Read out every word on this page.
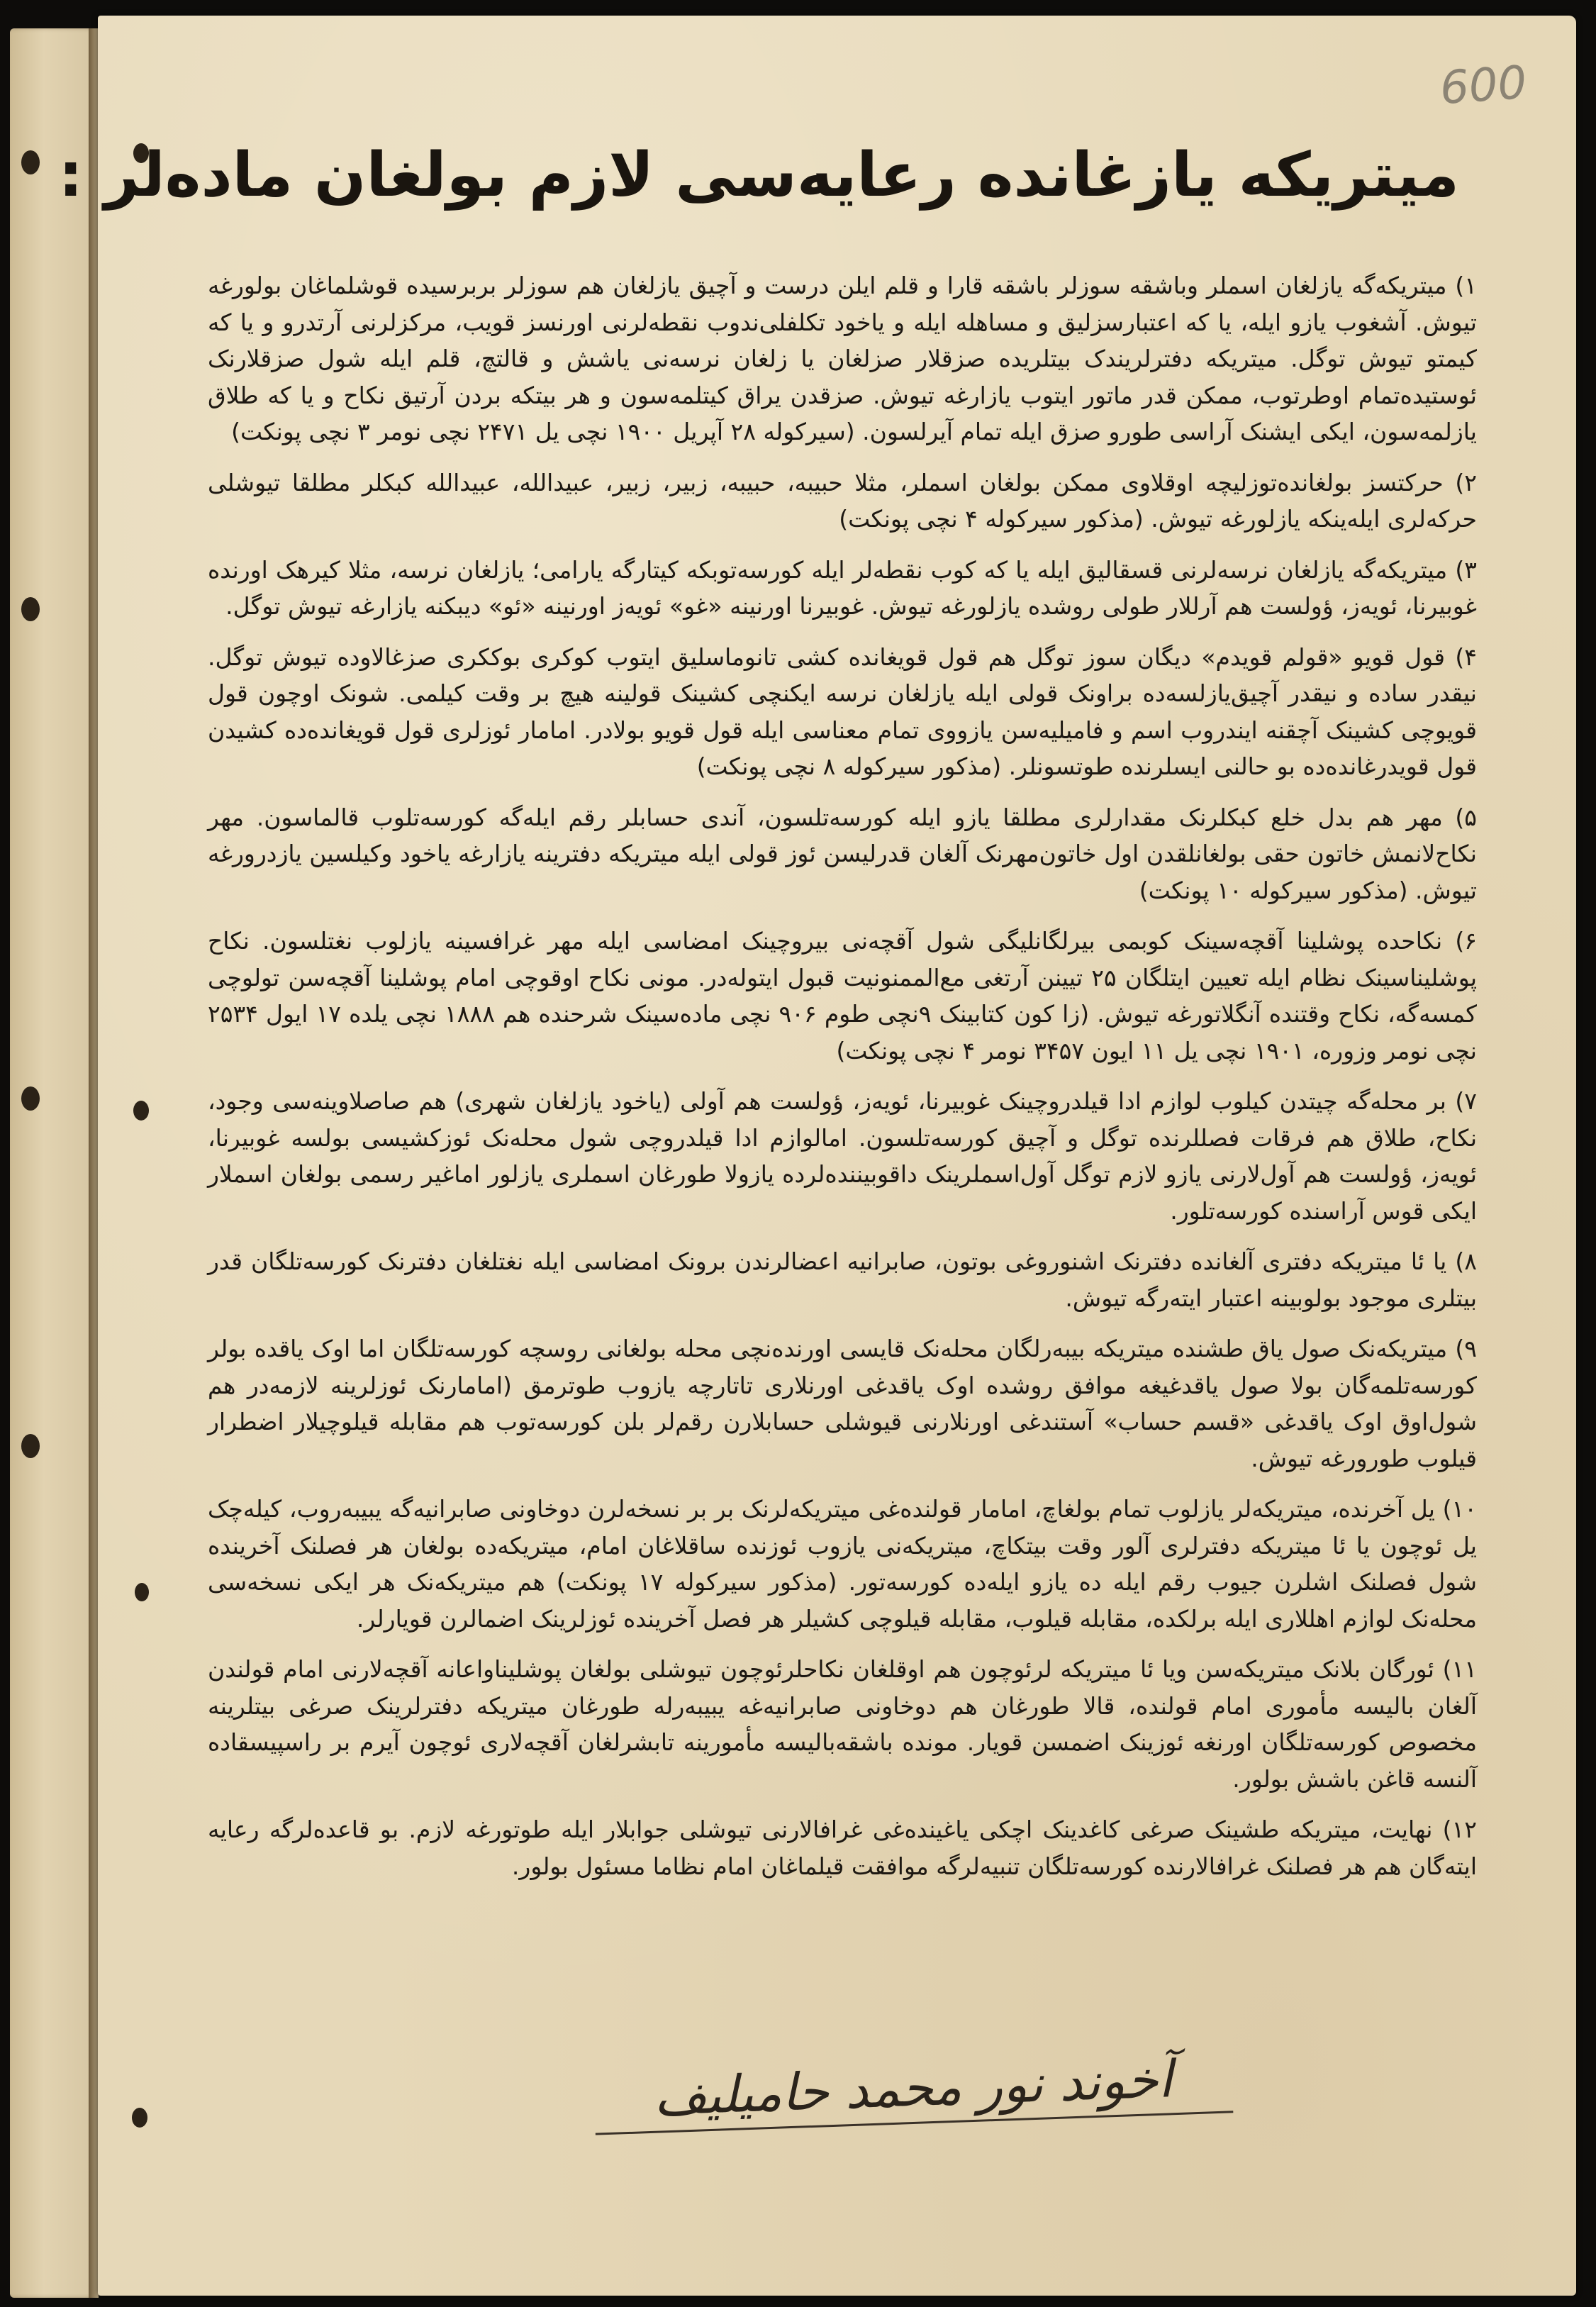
600
میتریکه یازغانده رعایه‌سی لازم بولغان ماده‌لر :

۱) میتریکه‌گه یازلغان اسملر وباشقه سوزلر باشقه قارا و قلم ایلن درست و آچیق یازلغان هم سوزلر بربرسیده قوشلماغان بولورغه تیوش. آشغوب یازو ایله، یا که اعتبارسزلیق و مساهله ایله و یاخود تکلفلی‌ندوب نقطه‌لرنی اورنسز قویب، مرکزلرنی آرتدرو و یا که کیمتو تیوش توگل. میتریکه دفترلریندک بیتلریده صزقلار صزلغان یا زلغان نرسه‌نی یاشش و قالتچ، قلم ایله شول صزقلارنک ئوستیده‌تمام اوطرتوب، ممکن قدر ماتور ایتوب یازارغه تیوش. صزقدن یراق کیتلمه‌سون و هر بیتکه بردن آرتیق نکاح و یا که طلاق یازلمه‌سون، ایکی ایشنک آراسی طورو صزق ایله تمام آیرلسون. (سیرکوله ۲۸ آپریل ۱۹۰۰ نچی یل ۲۴۷۱ نچی نومر ۳ نچی پونکت)

۲) حرکتسز بولغانده‌توزلیچه اوقلاوی ممکن بولغان اسملر، مثلا حبیبه، حبیبه، زبیر، زبیر، عبیدالله، عبیدالله کبکلر مطلقا تیوشلی حرکه‌لری ایله‌ینکه یازلورغه تیوش. (مذکور سیرکوله ۴ نچی پونکت)

۳) میتریکه‌گه یازلغان نرسه‌لرنی قسقالیق ایله یا که کوب نقطه‌لر ایله کورسه‌توبکه کیتارگه یارامی؛ یازلغان نرسه، مثلا کیرهک اورنده غوبیرنا، ئویه‌ز، ؤولست هم آرللار طولی رو‌شده یازلورغه تیوش. غوبیرنا اورنینه «غو» ئویه‌ز اورنینه «ئو» دیبکنه یازارغه تیوش توگل.

۴) قول قویو «قولم قویدم» دیگان سوز توگل هم قول قویغانده کشی تانوماسلیق ایتوب کوکری بوککری صزغالاوده تیوش توگل. نیقدر ساده و نیقدر آچیق‌یازلسه‌ده براونک قولی ایله یازلغان نرسه ایکنچی کشینک قولینه هیچ بر وقت کیلمی. شونک اوچون قول قویوچی کشینک آچقنه ایندروب اسم و فامیلیه‌سن یازووی تمام معناسی ایله قول قویو بولادر. امامار ئوزلری قول قویغانده‌ده کشیدن قول قویدرغانده‌ده بو حالنی ایسلرنده طوتسونلر. (مذکور سیرکوله ۸ نچی پونکت)

۵) مهر هم بدل خلع کبکلرنک مقدارلری مطلقا یازو ایله کورسه‌تلسون، آندی حسابلر رقم ایله‌گه کورسه‌تلوب قالماسون. مهر نکاح‌لانمش خاتون حقی بولغانلقدن اول خاتون‌مهرنک آلغان قدرلیسن ئوز قولی ایله میتریکه دفترینه یازارغه یاخود وکیلسین یازدرورغه تیوش. (مذکور سیرکوله ۱۰ پونکت)

۶) نکاحده پوشلینا آقچه‌سینک کوبمی بیرلگانلیگی شول آقچه‌نی بیروچینک امضاسی ایله مهر غرافسینه یازلوب نغتلسون. نکاح پوشلیناسینک نظام ایله تعیین ایتلگان ۲۵ تیینن آرتغی مع‌الممنونیت قبول ایتوله‌در. مونی نکاح اوقوچی امام پوشلینا آقچه‌سن تولوچی کمسه‌گه، نکاح وقتنده آنگلاتورغه تیوش. (زا کون کتابینک ۹نچی طوم ۹۰۶ نچی ماده‌سینک شرحنده هم ۱۸۸۸ نچی یلده ۱۷ ایول ۲۵۳۴ نچی نومر وزوره، ۱۹۰۱ نچی یل ۱۱ ایون ۳۴۵۷ نومر ۴ نچی پونکت)

۷) بر محله‌گه چیتدن کیلوب لوازم ادا قیلدروچینک غوبیرنا، ئویه‌ز، ؤولست هم آولی (یاخود یازلغان شهری) هم صاصلاوینه‌سی وجود، نکاح، طلاق هم فرقات فصللرنده توگل و آچیق کورسه‌تلسون. امالوازم ادا قیلدروچی شول محله‌نک ئوزکشیسی بولسه غوبیرنا، ئویه‌ز، ؤولست هم آول‌لارنی یازو لازم توگل آول‌اسملرینک داقوبیننده‌لرده یازولا طورغان اسملری یازلور اماغیر رسمی بولغان اسملار ایکی قوس آراسنده کورسه‌تلور.

۸) یا ئا میتریکه دفتری آلغانده دفترنک اشنوروغی بوتون، صابرانیه اعضالرندن برونک امضاسی ایله نغتلغان دفترنک کورسه‌تلگان قدر بیتلری موجود بولوبینه اعتبار ایته‌رگه تیوش.

۹) میتریکه‌نک صول یاق طشنده میتریکه بیبه‌رلگان محله‌نک قایسی اورنده‌نچی محله بولغانی روسچه کورسه‌تلگان اما اوک یاقده بولر کورسه‌تلمه‌گان بولا صول یاقدغیغه موافق رو‌شده اوک یاقدغی اورنلاری تاتارچه یازوب طوترمق (امامارنک ئوزلرینه لازمه‌در هم شول‌اوق اوک یاقدغی «قسم حساب» آستندغی اورنلارنی قیوشلی حسابلارن رقم‌لر بلن کورسه‌توب هم مقابله قیلوچیلار اضطرار قیلوب طورورغه تیوش.

۱۰) یل آخرنده، میتریکه‌لر یازلوب تمام بولغاچ، امامار قولنده‌غی میتریکه‌لرنک بر بر نسخه‌لرن دوخاونی صابرانیه‌گه یبیبه‌روب، کیله‌چک یل ئوچون یا ئا میتریکه دفترلری آلور وقت بیتکاچ، میتریکه‌نی یازوب ئوزنده ساقلاغان امام، میتریکه‌ده بولغان هر فصلنک آخرینده شول فصلنک اشلرن جیوب رقم ایله ده یازو ایله‌ده کورسه‌تور. (مذکور سیرکوله ۱۷ پونکت) هم میتریکه‌نک هر ایکی نسخه‌سی محله‌نک لوازم اهللاری ایله برلکده، مقابله قیلوب، مقابله قیلوچی کشیلر هر فصل آخرینده ئوزلرینک اضمالرن قویارلر.

۱۱) ئورگان بلانک میتریکه‌سن ویا ئا میتریکه لرئوچون هم اوقلغان نکاحلرئوچون تیوشلی بولغان پوشلیناواعانه آقچه‌لارنی امام قولندن آلغان بالیسه مأموری امام قولنده، قالا طورغان هم دوخاونی صابرانیه‌غه یبیبه‌رله طورغان میتریکه دفترلرینک صرغی بیتلرینه مخصوص کورسه‌تلگان اورنغه ئوزینک اضمسن قویار. مونده باشقه‌بالیسه مأمورینه تابشرلغان آقچه‌لاری ئوچون آیرم بر راسپیسقاده آلنسه قاغن باشش بولور.

۱۲) نهایت، میتریکه طشینک صرغی کاغدینک اچکی یاغینده‌غی غرافالارنی تیوشلی جوابلار ایله طوتورغه لازم. بو قاعده‌لرگه رعایه ایته‌گان هم هر فصلنک غرافالارنده کورسه‌تلگان تنبیه‌لرگه موافقت قیلماغان امام نظاما مسئول بولور.

آخوند نور محمد حامیلیف
